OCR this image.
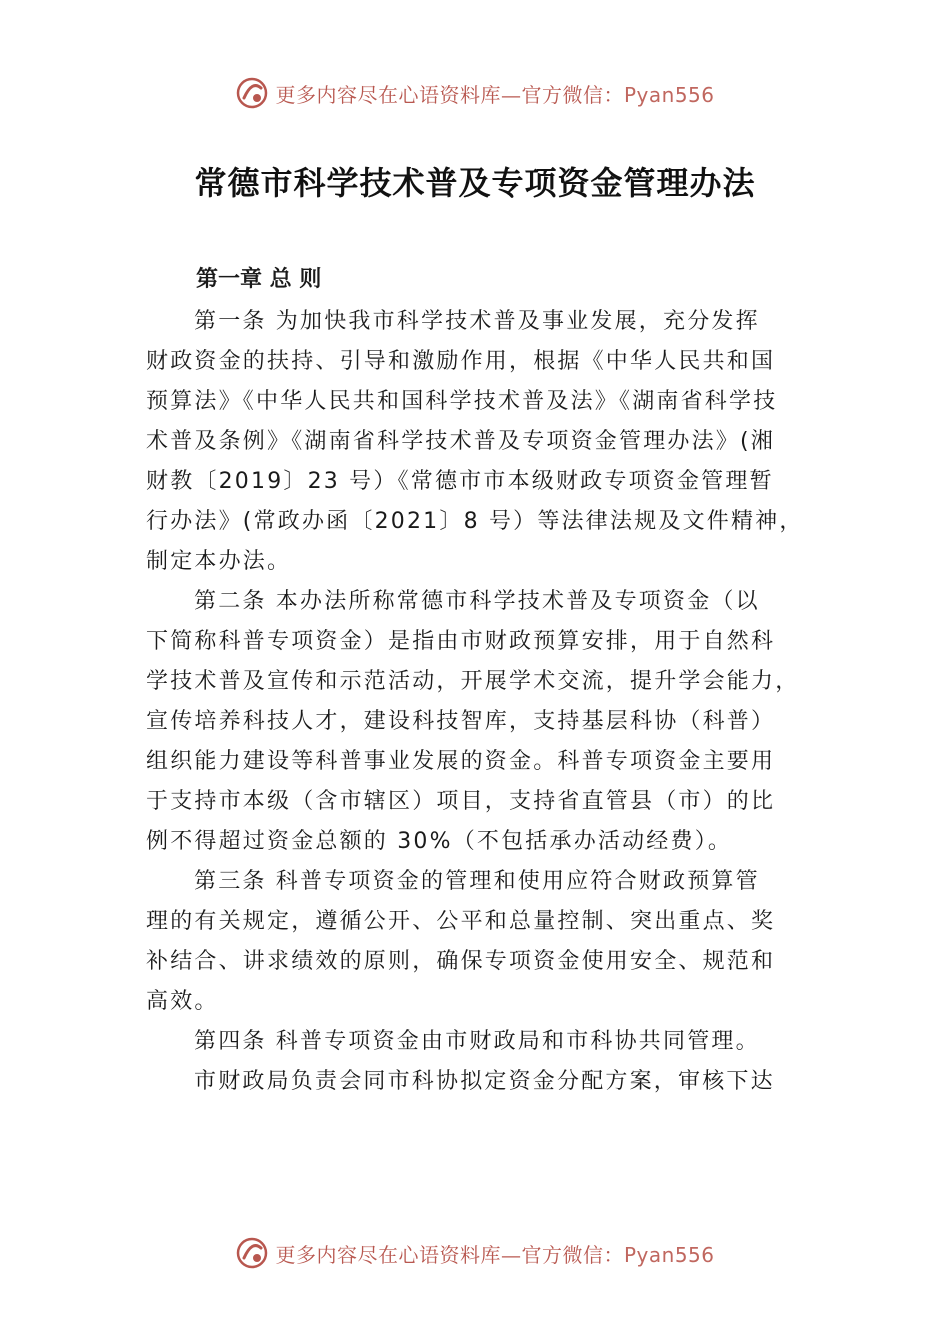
更多内容尽在心语资料库—官方微信：Pyan556
常德市科学技术普及专项资金管理办法
第一章 总 则
第一条 为加快我市科学技术普及事业发展，充分发挥
财政资金的扶持、引导和激励作用，根据《中华人民共和国
预算法》《中华人民共和国科学技术普及法》《湖南省科学技
术普及条例》《湖南省科学技术普及专项资金管理办法》(湘
财教〔2019〕23 号）《常德市市本级财政专项资金管理暂
行办法》(常政办函〔2021〕8 号）等法律法规及文件精神，
制定本办法。
第二条 本办法所称常德市科学技术普及专项资金（以
下简称科普专项资金）是指由市财政预算安排，用于自然科
学技术普及宣传和示范活动，开展学术交流，提升学会能力，
宣传培养科技人才，建设科技智库，支持基层科协（科普）
组织能力建设等科普事业发展的资金。科普专项资金主要用
于支持市本级（含市辖区）项目，支持省直管县（市）的比
例不得超过资金总额的 30%（不包括承办活动经费）。
第三条 科普专项资金的管理和使用应符合财政预算管
理的有关规定，遵循公开、公平和总量控制、突出重点、奖
补结合、讲求绩效的原则，确保专项资金使用安全、规范和
高效。
第四条 科普专项资金由市财政局和市科协共同管理。
市财政局负责会同市科协拟定资金分配方案，审核下达
更多内容尽在心语资料库—官方微信：Pyan556
